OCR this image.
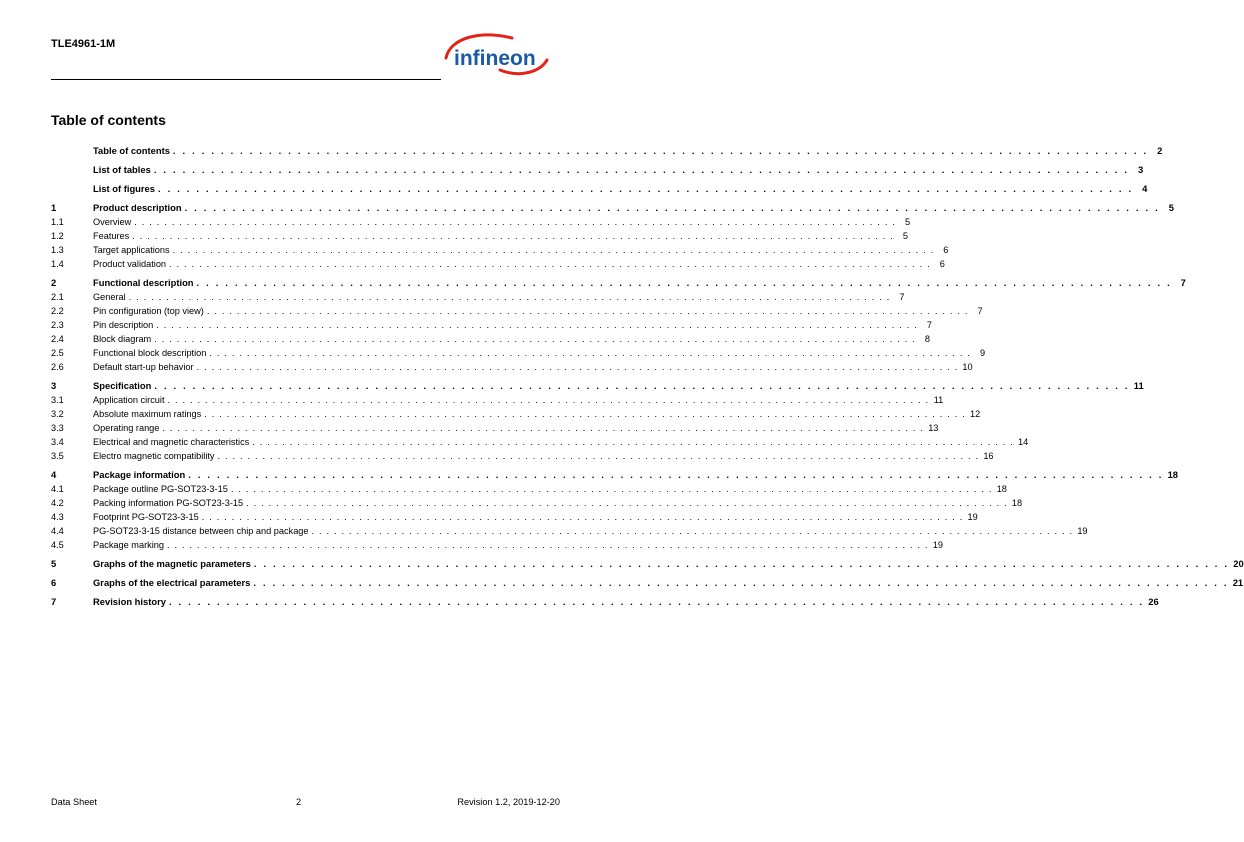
TLE4961-1M
infineon
Table of contents
Table of contents . . . . . . . . . . . . . . . . . . . . . . . . . . . . . . . . . . . . . . . . . . . . . . . . . . . . . . . . . . . . . . . . . . . . . . . . . . . . . . . . . . . . . . . . . . . . . . . . . . . . . . 2
List of tables . . . . . . . . . . . . . . . . . . . . . . . . . . . . . . . . . . . . . . . . . . . . . . . . . . . . . . . . . . . . . . . . . . . . . . . . . . . . . . . . . . . . . . . . . . . . . . . . . . . . . . 3
List of figures . . . . . . . . . . . . . . . . . . . . . . . . . . . . . . . . . . . . . . . . . . . . . . . . . . . . . . . . . . . . . . . . . . . . . . . . . . . . . . . . . . . . . . . . . . . . . . . . . . . . . . 4
1	Product description . . . . . . . . . . . . . . . . . . . . . . . . . . . . . . . . . . . . . . . . . . . . . . . . . . . . . . . . . . . . . . . . . . . . . . . . . . . . . . . . . . . . . . . . . . . . . . . . . . . . . . 5
1.1	Overview . . . . . . . . . . . . . . . . . . . . . . . . . . . . . . . . . . . . . . . . . . . . . . . . . . . . . . . . . . . . . . . . . . . . . . . . . . . . . . . . . . . . . . . . . . . . . . . . . . . . . . 5
1.2	Features . . . . . . . . . . . . . . . . . . . . . . . . . . . . . . . . . . . . . . . . . . . . . . . . . . . . . . . . . . . . . . . . . . . . . . . . . . . . . . . . . . . . . . . . . . . . . . . . . . . . . . 5
1.3	Target applications . . . . . . . . . . . . . . . . . . . . . . . . . . . . . . . . . . . . . . . . . . . . . . . . . . . . . . . . . . . . . . . . . . . . . . . . . . . . . . . . . . . . . . . . . . . . . . . . . . . . . . 6
1.4	Product validation . . . . . . . . . . . . . . . . . . . . . . . . . . . . . . . . . . . . . . . . . . . . . . . . . . . . . . . . . . . . . . . . . . . . . . . . . . . . . . . . . . . . . . . . . . . . . . . . . . . . . . 6
2	Functional description . . . . . . . . . . . . . . . . . . . . . . . . . . . . . . . . . . . . . . . . . . . . . . . . . . . . . . . . . . . . . . . . . . . . . . . . . . . . . . . . . . . . . . . . . . . . . . . . . . . . . . 7
2.1	General . . . . . . . . . . . . . . . . . . . . . . . . . . . . . . . . . . . . . . . . . . . . . . . . . . . . . . . . . . . . . . . . . . . . . . . . . . . . . . . . . . . . . . . . . . . . . . . . . . . . . . 7
2.2	Pin configuration (top view) . . . . . . . . . . . . . . . . . . . . . . . . . . . . . . . . . . . . . . . . . . . . . . . . . . . . . . . . . . . . . . . . . . . . . . . . . . . . . . . . . . . . . . . . . . . . . . . . . . . . . . 7
2.3	Pin description . . . . . . . . . . . . . . . . . . . . . . . . . . . . . . . . . . . . . . . . . . . . . . . . . . . . . . . . . . . . . . . . . . . . . . . . . . . . . . . . . . . . . . . . . . . . . . . . . . . . . . 7
2.4	Block diagram . . . . . . . . . . . . . . . . . . . . . . . . . . . . . . . . . . . . . . . . . . . . . . . . . . . . . . . . . . . . . . . . . . . . . . . . . . . . . . . . . . . . . . . . . . . . . . . . . . . . . . 8
2.5	Functional block description . . . . . . . . . . . . . . . . . . . . . . . . . . . . . . . . . . . . . . . . . . . . . . . . . . . . . . . . . . . . . . . . . . . . . . . . . . . . . . . . . . . . . . . . . . . . . . . . . . . . . . 9
2.6	Default start-up behavior . . . . . . . . . . . . . . . . . . . . . . . . . . . . . . . . . . . . . . . . . . . . . . . . . . . . . . . . . . . . . . . . . . . . . . . . . . . . . . . . . . . . . . . . . . . . . . . . . . . . . . 10
3	Specification . . . . . . . . . . . . . . . . . . . . . . . . . . . . . . . . . . . . . . . . . . . . . . . . . . . . . . . . . . . . . . . . . . . . . . . . . . . . . . . . . . . . . . . . . . . . . . . . . . . . . . 11
3.1	Application circuit . . . . . . . . . . . . . . . . . . . . . . . . . . . . . . . . . . . . . . . . . . . . . . . . . . . . . . . . . . . . . . . . . . . . . . . . . . . . . . . . . . . . . . . . . . . . . . . . . . . . . . 11
3.2	Absolute maximum ratings . . . . . . . . . . . . . . . . . . . . . . . . . . . . . . . . . . . . . . . . . . . . . . . . . . . . . . . . . . . . . . . . . . . . . . . . . . . . . . . . . . . . . . . . . . . . . . . . . . . . . . 12
3.3	Operating range . . . . . . . . . . . . . . . . . . . . . . . . . . . . . . . . . . . . . . . . . . . . . . . . . . . . . . . . . . . . . . . . . . . . . . . . . . . . . . . . . . . . . . . . . . . . . . . . . . . . . . 13
3.4	Electrical and magnetic characteristics . . . . . . . . . . . . . . . . . . . . . . . . . . . . . . . . . . . . . . . . . . . . . . . . . . . . . . . . . . . . . . . . . . . . . . . . . . . . . . . . . . . . . . . . . . . . . . . . . . . . . . 14
3.5	Electro magnetic compatibility . . . . . . . . . . . . . . . . . . . . . . . . . . . . . . . . . . . . . . . . . . . . . . . . . . . . . . . . . . . . . . . . . . . . . . . . . . . . . . . . . . . . . . . . . . . . . . . . . . . . . . 16
4	Package information . . . . . . . . . . . . . . . . . . . . . . . . . . . . . . . . . . . . . . . . . . . . . . . . . . . . . . . . . . . . . . . . . . . . . . . . . . . . . . . . . . . . . . . . . . . . . . . . . . . . . . 18
4.1	Package outline PG-SOT23-3-15 . . . . . . . . . . . . . . . . . . . . . . . . . . . . . . . . . . . . . . . . . . . . . . . . . . . . . . . . . . . . . . . . . . . . . . . . . . . . . . . . . . . . . . . . . . . . . . . . . . . . . . 18
4.2	Packing information PG-SOT23-3-15 . . . . . . . . . . . . . . . . . . . . . . . . . . . . . . . . . . . . . . . . . . . . . . . . . . . . . . . . . . . . . . . . . . . . . . . . . . . . . . . . . . . . . . . . . . . . . . . . . . . . . . 18
4.3	Footprint PG-SOT23-3-15 . . . . . . . . . . . . . . . . . . . . . . . . . . . . . . . . . . . . . . . . . . . . . . . . . . . . . . . . . . . . . . . . . . . . . . . . . . . . . . . . . . . . . . . . . . . . . . . . . . . . . . 19
4.4	PG-SOT23-3-15 distance between chip and package . . . . . . . . . . . . . . . . . . . . . . . . . . . . . . . . . . . . . . . . . . . . . . . . . . . . . . . . . . . . . . . . . . . . . . . . . . . . . . . . . . . . . . . . . . . . . . . . . . . . . . 19
4.5	Package marking . . . . . . . . . . . . . . . . . . . . . . . . . . . . . . . . . . . . . . . . . . . . . . . . . . . . . . . . . . . . . . . . . . . . . . . . . . . . . . . . . . . . . . . . . . . . . . . . . . . . . . 19
5	Graphs of the magnetic parameters . . . . . . . . . . . . . . . . . . . . . . . . . . . . . . . . . . . . . . . . . . . . . . . . . . . . . . . . . . . . . . . . . . . . . . . . . . . . . . . . . . . . . . . . . . . . . . . . . . . . . . 20
6	Graphs of the electrical parameters . . . . . . . . . . . . . . . . . . . . . . . . . . . . . . . . . . . . . . . . . . . . . . . . . . . . . . . . . . . . . . . . . . . . . . . . . . . . . . . . . . . . . . . . . . . . . . . . . . . . . . 21
7	Revision history . . . . . . . . . . . . . . . . . . . . . . . . . . . . . . . . . . . . . . . . . . . . . . . . . . . . . . . . . . . . . . . . . . . . . . . . . . . . . . . . . . . . . . . . . . . . . . . . . . . . . . 26
Data Sheet	2	Revision 1.2, 2019-12-20
